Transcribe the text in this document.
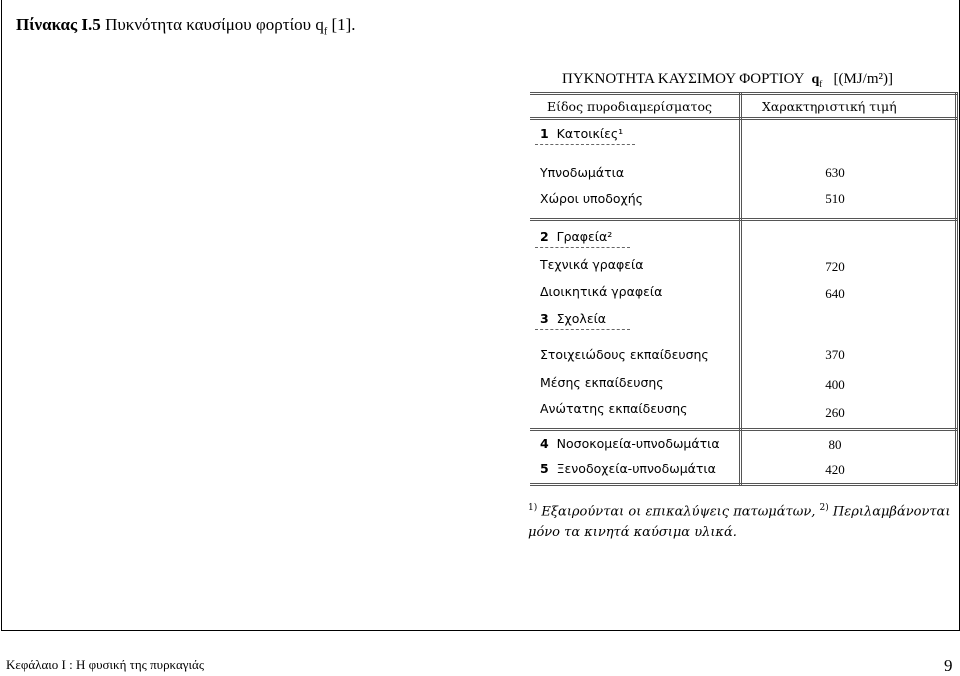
Πίνακας Ι.5 Πυκνότητα καυσίμου φορτίου $q_f$ [1].
ΠΥΚΝΟΤΗΤΑ ΚΑΥΣΙΜΟΥ ΦΟΡΤΙΟΥ $q_f$ [(MJ/m²)]
Είδος πυροδιαμερίσματος	Χαρακτηριστική τιμή
1 Κατοικίες¹
Υπνοδωμάτια	630
Χώροι υποδοχής	510
2 Γραφεία²
Τεχνικά γραφεία	720
Διοικητικά γραφεία	640
3 Σχολεία
Στοιχειώδους εκπαίδευσης	370
Μέσης εκπαίδευσης	400
Ανώτατης εκπαίδευσης	260
4 Νοσοκομεία-υπνοδωμάτια	80
5 Ξενοδοχεία-υπνοδωμάτια	420
$^{1)}$ Εξαιρούνται οι επικαλύψεις πατωμάτων, $^{2)}$ Περιλαμβάνονται
μόνο τα κινητά καύσιμα υλικά.
Κεφάλαιο Ι : Η φυσική της πυρκαγιάς	9
